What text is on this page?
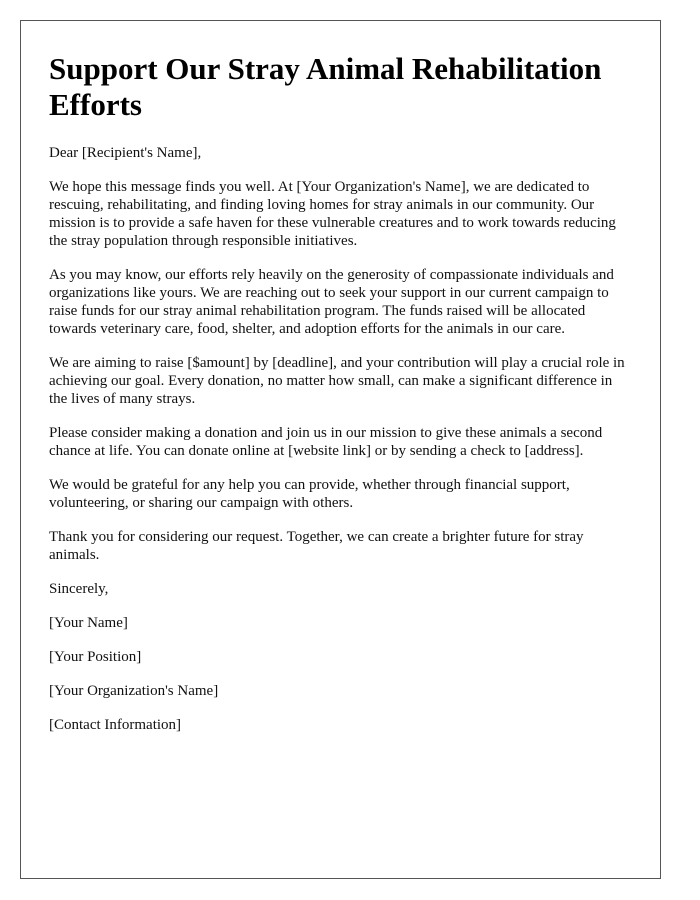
Support Our Stray Animal Rehabilitation Efforts

Dear [Recipient's Name],

We hope this message finds you well. At [Your Organization's Name], we are dedicated to rescuing, rehabilitating, and finding loving homes for stray animals in our community. Our mission is to provide a safe haven for these vulnerable creatures and to work towards reducing the stray population through responsible initiatives.

As you may know, our efforts rely heavily on the generosity of compassionate individuals and organizations like yours. We are reaching out to seek your support in our current campaign to raise funds for our stray animal rehabilitation program. The funds raised will be allocated towards veterinary care, food, shelter, and adoption efforts for the animals in our care.

We are aiming to raise [$amount] by [deadline], and your contribution will play a crucial role in achieving our goal. Every donation, no matter how small, can make a significant difference in the lives of many strays.

Please consider making a donation and join us in our mission to give these animals a second chance at life. You can donate online at [website link] or by sending a check to [address].

We would be grateful for any help you can provide, whether through financial support, volunteering, or sharing our campaign with others.

Thank you for considering our request. Together, we can create a brighter future for stray animals.

Sincerely,

[Your Name]

[Your Position]

[Your Organization's Name]

[Contact Information]
